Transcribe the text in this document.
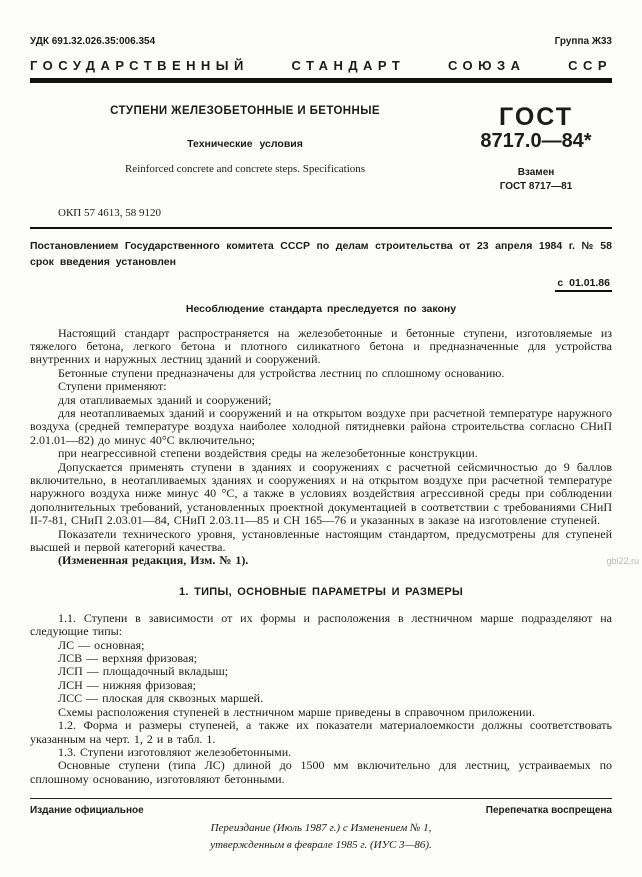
УДК 691.32.026.35:006.354	Группа Ж33
ГОСУДАРСТВЕННЫЙ СТАНДАРТ СОЮЗА ССР
СТУПЕНИ ЖЕЛЕЗОБЕТОННЫЕ И БЕТОННЫЕ
Технические условия
Reinforced concrete and concrete steps. Specifications
ГОСТ
8717.0—84*
Взамен
ГОСТ 8717—81
ОКП 57 4613, 58 9120
Постановлением Государственного комитета СССР по делам строительства от 23 апреля 1984 г. № 58 срок введения установлен
с 01.01.86
Несоблюдение стандарта преследуется по закону

Настоящий стандарт распространяется на железобетонные и бетонные ступени, изготовляемые из тяжелого бетона, легкого бетона и плотного силикатного бетона и предназначенные для устройства внутренних и наружных лестниц зданий и сооружений.

Бетонные ступени предназначены для устройства лестниц по сплошному основанию.

Ступени применяют:

для отапливаемых зданий и сооружений;

для неотапливаемых зданий и сооружений и на открытом воздухе при расчетной температуре наружного воздуха (средней температуре воздуха наиболее холодной пятидневки района строительства согласно СНиП 2.01.01—82) до минус 40°С включительно;

при неагрессивной степени воздействия среды на железобетонные конструкции.

Допускается применять ступени в зданиях и сооружениях с расчетной сейсмичностью до 9 баллов включительно, в неотапливаемых зданиях и сооружениях и на открытом воздухе при расчетной температуре наружного воздуха ниже минус 40 °С, а также в условиях воздействия агрессивной среды при соблюдении дополнительных требований, установленных проектной документацией в соответствии с требованиями СНиП II-7-81, СНиП 2.03.01—84, СНиП 2.03.11—85 и СН 165—76 и указанных в заказе на изготовление ступеней.

Показатели технического уровня, установленные настоящим стандартом, предусмотрены для ступеней высшей и первой категорий качества.

(Измененная редакция, Изм. № 1).

1. ТИПЫ, ОСНОВНЫЕ ПАРАМЕТРЫ И РАЗМЕРЫ

1.1. Ступени в зависимости от их формы и расположения в лестничном марше подразделяют на следующие типы:

ЛС — основная;

ЛСВ — верхняя фризовая;

ЛСП — площадочный вкладыш;

ЛСН — нижняя фризовая;

ЛСС — плоская для сквозных маршей.

Схемы расположения ступеней в лестничном марше приведены в справочном приложении.

1.2. Форма и размеры ступеней, а также их показатели материалоемкости должны соответствовать указанным на черт. 1, 2 и в табл. 1.

1.3. Ступени изготовляют железобетонными.

Основные ступени (типа ЛС) длиной до 1500 мм включительно для лестниц, устраиваемых по сплошному основанию, изготовляют бетонными.

Издание официальное	Перепечатка воспрещена
Переиздание (Июль 1987 г.) с Изменением № 1,
утвержденным в феврале 1985 г. (ИУС 3—86).
gbi22.ru
